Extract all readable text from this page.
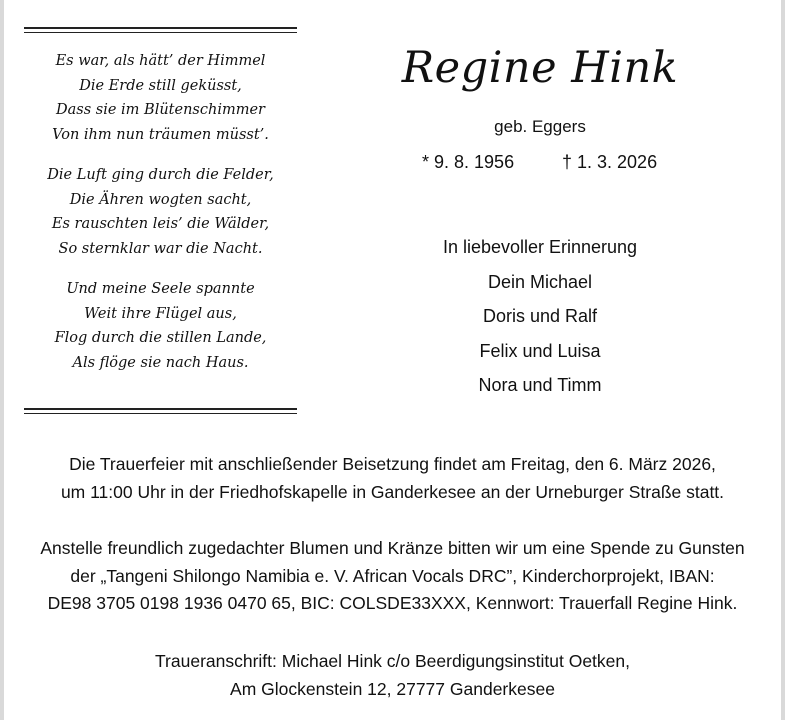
Es war, als hätt’ der Himmel
Die Erde still geküsst,
Dass sie im Blütenschimmer
Von ihm nun träumen müsst’.
Die Luft ging durch die Felder,
Die Ähren wogten sacht,
Es rauschten leis’ die Wälder,
So sternklar war die Nacht.
Und meine Seele spannte
Weit ihre Flügel aus,
Flog durch die stillen Lande,
Als flöge sie nach Haus.
Regine Hink
geb. Eggers
* 9. 8. 1956	† 1. 3. 2026
In liebevoller Erinnerung
Dein Michael
Doris und Ralf
Felix und Luisa
Nora und Timm
Die Trauerfeier mit anschließender Beisetzung findet am Freitag, den 6. März 2026,
um 11:00 Uhr in der Friedhofskapelle in Ganderkesee an der Urneburger Straße statt.
Anstelle freundlich zugedachter Blumen und Kränze bitten wir um eine Spende zu Gunsten
der „Tangeni Shilongo Namibia e. V. African Vocals DRC”, Kinderchorprojekt, IBAN:
DE98 3705 0198 1936 0470 65, BIC: COLSDE33XXX, Kennwort: Trauerfall Regine Hink.
Traueranschrift: Michael Hink c/o Beerdigungsinstitut Oetken,
Am Glockenstein 12, 27777 Ganderkesee
